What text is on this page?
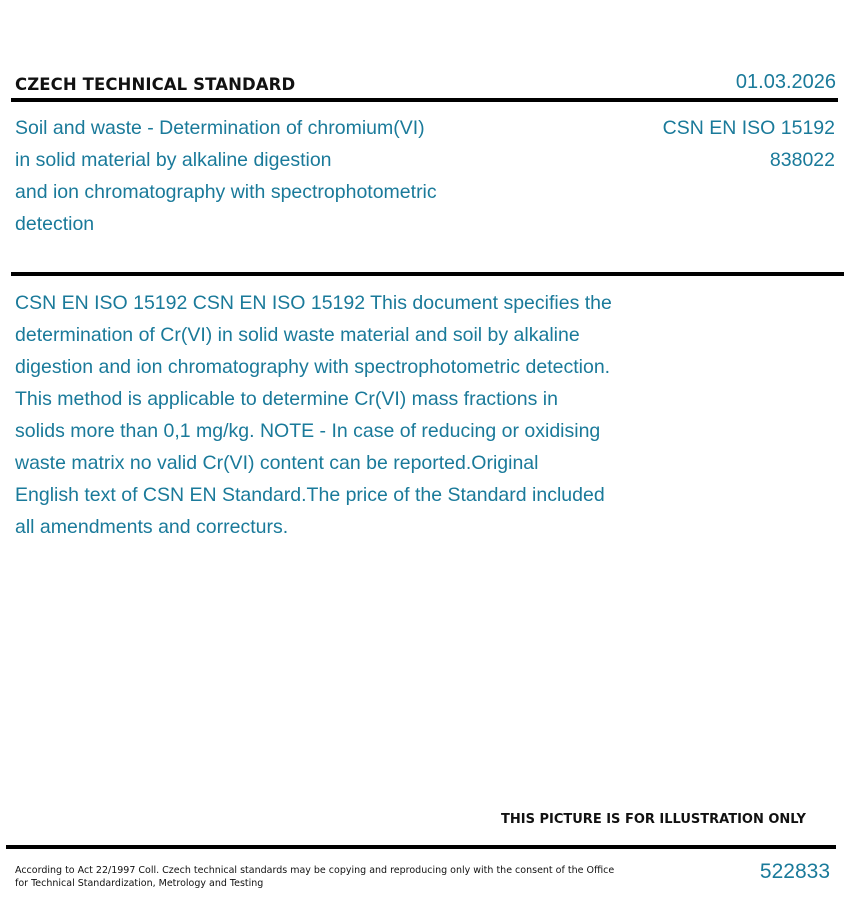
CZECH TECHNICAL STANDARD	01.03.2026
Soil and waste - Determination of chromium(VI)
in solid material by alkaline digestion
and ion chromatography with spectrophotometric
detection
CSN EN ISO 15192
838022
CSN EN ISO 15192 CSN EN ISO 15192 This document specifies the
determination of Cr(VI) in solid waste material and soil by alkaline
digestion and ion chromatography with spectrophotometric detection.
This method is applicable to determine Cr(VI) mass fractions in
solids more than 0,1 mg/kg. NOTE - In case of reducing or oxidising
waste matrix no valid Cr(VI) content can be reported.Original
English text of CSN EN Standard.The price of the Standard included
all amendments and correcturs.
THIS PICTURE IS FOR ILLUSTRATION ONLY
According to Act 22/1997 Coll. Czech technical standards may be copying and reproducing only with the consent of the Office
for Technical Standardization, Metrology and Testing
522833
